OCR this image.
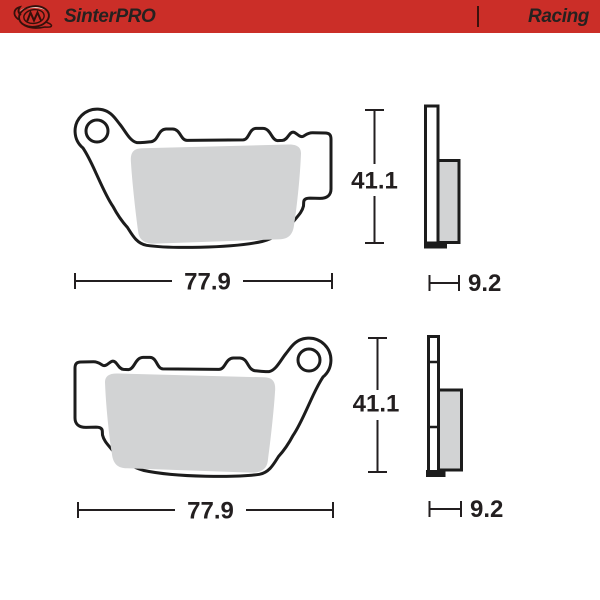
SinterPRO	Racing
41.1
77.9	9.2
41.1
77.9	9.2
